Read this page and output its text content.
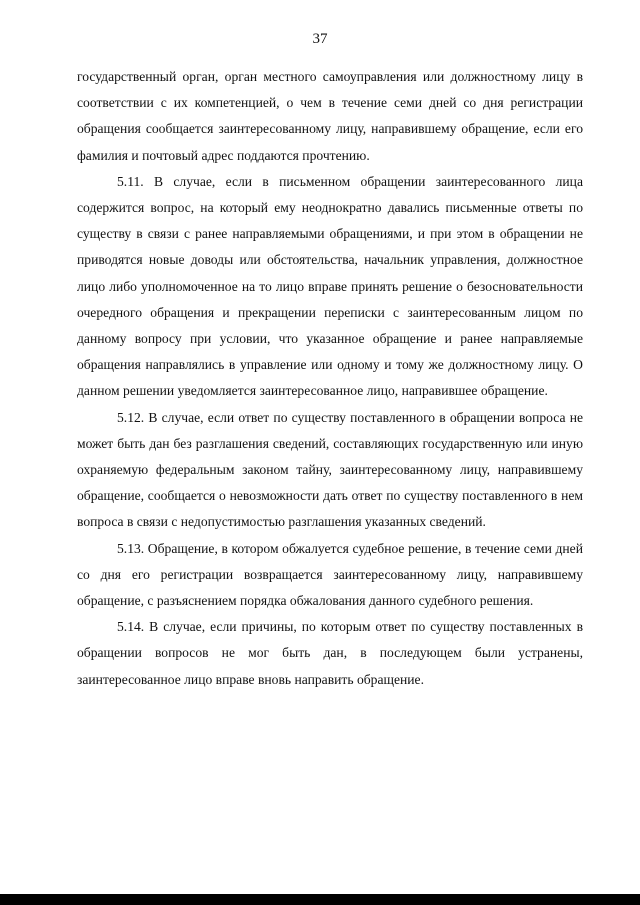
37

государственный орган, орган местного самоуправления или должностному лицу в соответствии с их компетенцией, о чем в течение семи дней со дня регистрации обращения сообщается заинтересованному лицу, направившему обращение, если его фамилия и почтовый адрес поддаются прочтению.

5.11. В случае, если в письменном обращении заинтересованного лица содержится вопрос, на который ему неоднократно давались письменные ответы по существу в связи с ранее направляемыми обращениями, и при этом в обращении не приводятся новые доводы или обстоятельства, начальник управления, должностное лицо либо уполномоченное на то лицо вправе принять решение о безосновательности очередного обращения и прекращении переписки с заинтересованным лицом по данному вопросу при условии, что указанное обращение и ранее направляемые обращения направлялись в управление или одному и тому же должностному лицу. О данном решении уведомляется заинтересованное лицо, направившее обращение.

5.12. В случае, если ответ по существу поставленного в обращении вопроса не может быть дан без разглашения сведений, составляющих государственную или иную охраняемую федеральным законом тайну, заинтересованному лицу, направившему обращение, сообщается о невозможности дать ответ по существу поставленного в нем вопроса в связи с недопустимостью разглашения указанных сведений.

5.13. Обращение, в котором обжалуется судебное решение, в течение семи дней со дня его регистрации возвращается заинтересованному лицу, направившему обращение, с разъяснением порядка обжалования данного судебного решения.

5.14. В случае, если причины, по которым ответ по существу поставленных в обращении вопросов не мог быть дан, в последующем были устранены, заинтересованное лицо вправе вновь направить обращение.
